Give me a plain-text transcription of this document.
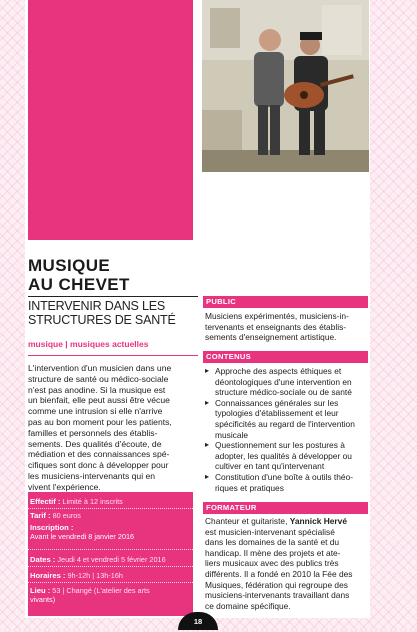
MUSIQUE
AU CHEVET
INTERVENIR DANS LES
STRUCTURES DE SANTÉ
musique | musiques actuelles
L'intervention d'un musicien dans une
structure de santé ou médico-sociale
n'est pas anodine. Si la musique est
un bienfait, elle peut aussi être vécue
comme une intrusion si elle n'arrive
pas au bon moment pour les patients,
familles et personnels des établis-
sements. Des qualités d'écoute, de
médiation et des connaissances spé-
cifiques sont donc à développer pour
les musiciens-intervenants qui en
vivent l'expérience.
Effectif : Limité à 12 inscrits
Tarif : 80 euros
Inscription :
Avant le vendredi 8 janvier 2016
Dates : Jeudi 4 et vendredi 5 février 2016
Horaires : 9h-12h | 13h-16h
Lieu : 53 | Changé (L'atelier des arts
vivants)
PUBLIC
Musiciens expérimentés, musiciens-in-
tervenants et enseignants des établis-
sements d'enseignement artistique.
CONTENUS
▸ Approche des aspects éthiques et
déontologiques d'une intervention en
structure médico-sociale ou de santé
▸ Connaissances générales sur les
typologies d'établissement et leur
spécificités au regard de l'intervention
musicale
▸ Questionnement sur les postures à
adopter, les qualités à développer ou
cultiver en tant qu'intervenant
▸ Constitution d'une boîte à outils théo-
riques et pratiques
FORMATEUR
Chanteur et guitariste, Yannick Hervé
est musicien-intervenant spécialisé
dans les domaines de la santé et du
handicap. Il mène des projets et ate-
liers musicaux avec des publics très
différents. Il a fondé en 2010 la Fée des
Musiques, fédération qui regroupe des
musiciens-intervenants travaillant dans
ce domaine spécifique.
18
